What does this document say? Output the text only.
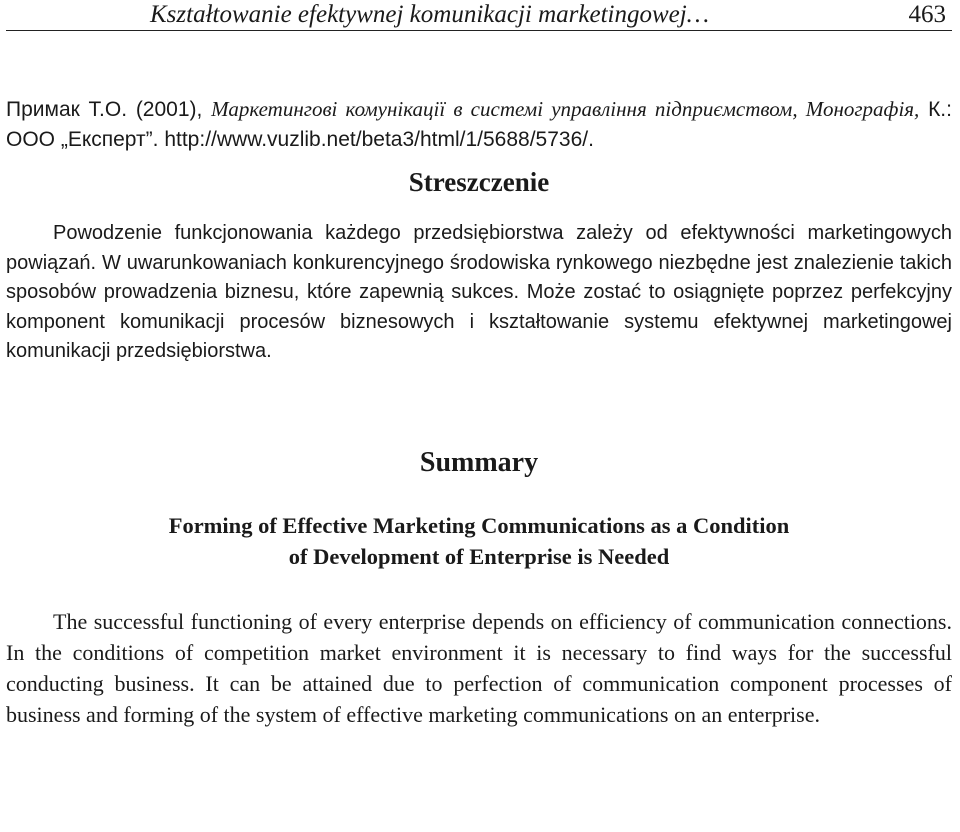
Kształtowanie efektywnej komunikacji marketingowej…	463
Примак Т.О. (2001), Маркетингові комунікації в системі управління підприємством, Монографія, К.: ООО „Експерт”. http://www.vuzlib.net/beta3/html/1/5688/5736/.
Streszczenie

Powodzenie funkcjonowania każdego przedsiębiorstwa zależy od efektywności marketingowych powiązań. W uwarunkowaniach konkurencyjnego środowiska rynkowego niezbędne jest znalezienie takich sposobów prowadzenia biznesu, które zapewnią sukces. Może zostać to osiągnięte poprzez perfekcyjny komponent komunikacji procesów biznesowych i kształtowanie systemu efektywnej marketingowej komunikacji przedsiębiorstwa.

Summary
Forming of Effective Marketing Communications as a Condition
of Development of Enterprise is Needed

The successful functioning of every enterprise depends on efficiency of communication connections. In the conditions of competition market environment it is necessary to find ways for the successful conducting business. It can be attained due to perfection of communication component processes of business and forming of the system of effective marketing communications on an enterprise.
